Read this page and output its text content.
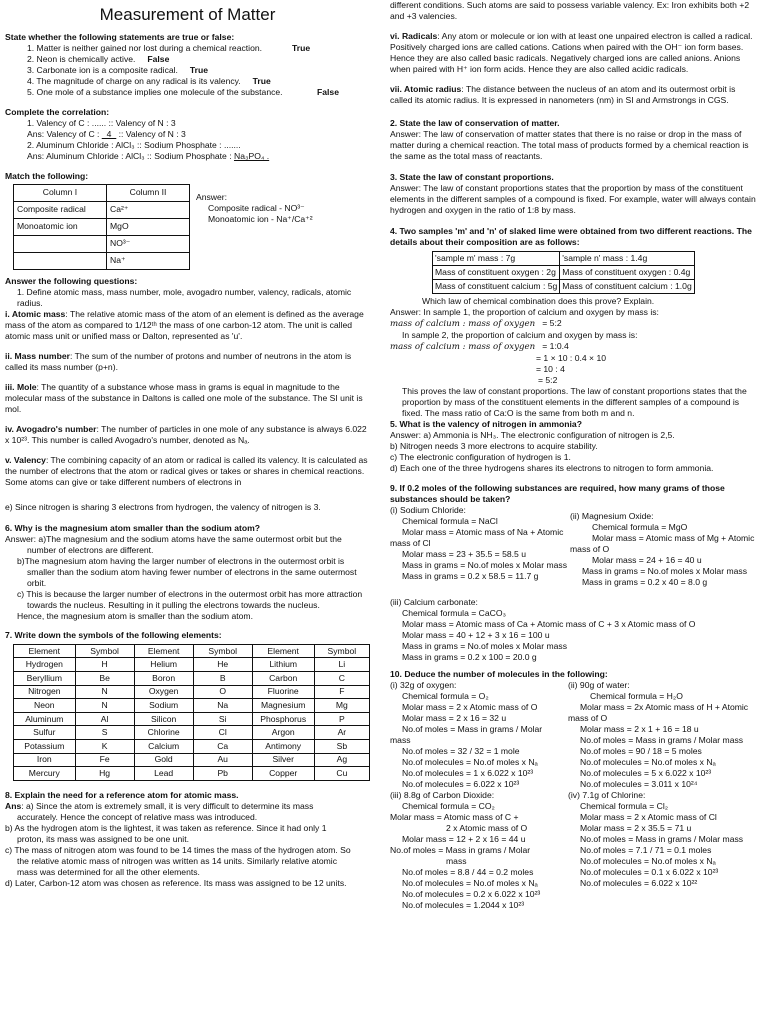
Measurement of Matter

State whether the following statements are true or false:

1. Matter is neither gained nor lost during a chemical reaction.	True
2. Neon is chemically active. False
3. Carbonate ion is a composite radical. True
4. The magnitude of charge on any radical is its valency. True
5. One mole of a substance implies one molecule of the substance.	False

Complete the correlation:

1. Valency of C : ...... :: Valency of N : 3

Ans: Valency of C : _4_ :: Valency of N : 3

2. Aluminum Chloride : AlCl₃ :: Sodium Phosphate : .......

Ans: Aluminum Chloride : AlCl₃ :: Sodium Phosphate : Na₃PO₄ .

Match the following:

Column I	Column II
Composite radical	Ca²⁺
Monoatomic ion	MgO
	NO³⁻
	Na⁺

Answer:

Composite radical - NO³⁻

Monoatomic ion - Na⁺/Ca⁺²

Answer the following questions:

1. Define atomic mass, mass number, mole, avogadro number, valency, radicals, atomic radius.

i. Atomic mass: The relative atomic mass of the atom of an element is defined as the average mass of the atom as compared to 1/12ᵗʰ the mass of one carbon-12 atom. The unit is called atomic mass unit or unified mass or Dalton, represented as 'u'.

ii. Mass number: The sum of the number of protons and number of neutrons in the atom is called its mass number (p+n).

iii. Mole: The quantity of a substance whose mass in grams is equal in magnitude to the molecular mass of the substance in Daltons is called one mole of the substance. The SI unit is mol.

iv. Avogadro's number: The number of particles in one mole of any substance is always 6.022 x 10²³. This number is called Avogadro's number, denoted as Nₐ.

v. Valency: The combining capacity of an atom or radical is called its valency. It is calculated as the number of electrons that the atom or radical gives or takes or shares in chemical reactions. Some atoms can give or take different numbers of electrons in

e) Since nitrogen is sharing 3 electrons from hydrogen, the valency of nitrogen is 3.

6. Why is the magnesium atom smaller than the sodium atom?

Answer: a)The magnesium and the sodium atoms have the same outermost orbit but the

number of electrons are different.

b)The magnesium atom having the larger number of electrons in the outermost orbit is smaller than the sodium atom having fewer number of electrons in the same outermost orbit.

c) This is because the larger number of electrons in the outermost orbit has more attraction towards the nucleus. Resulting in it pulling the electrons towards the nucleus.

Hence, the magnesium atom is smaller than the sodium atom.

7. Write down the symbols of the following elements:

Element	Symbol	Element	Symbol	Element	Symbol
Hydrogen	H	Helium	He	Lithium	Li
Beryllium	Be	Boron	B	Carbon	C
Nitrogen	N	Oxygen	O	Fluorine	F
Neon	N	Sodium	Na	Magnesium	Mg
Aluminum	Al	Silicon	Si	Phosphorus	P
Sulfur	S	Chlorine	Cl	Argon	Ar
Potassium	K	Calcium	Ca	Antimony	Sb
Iron	Fe	Gold	Au	Silver	Ag
Mercury	Hg	Lead	Pb	Copper	Cu

8. Explain the need for a reference atom for atomic mass.

Ans: a) Since the atom is extremely small, it is very difficult to determine its mass

accurately. Hence the concept of relative mass was introduced.

b) As the hydrogen atom is the lightest, it was taken as reference. Since it had only 1

proton, its mass was assigned to be one unit.

c) The mass of nitrogen atom was found to be 14 times the mass of the hydrogen atom. So

the relative atomic mass of nitrogen was written as 14 units. Similarly relative atomic

mass was determined for all the other elements.

d) Later, Carbon-12 atom was chosen as reference. Its mass was assigned to be 12 units.

different conditions. Such atoms are said to possess variable valency. Ex: Iron exhibits both +2 and +3 valencies.

vi. Radicals: Any atom or molecule or ion with at least one unpaired electron is called a radical. Positively charged ions are called cations. Cations when paired with the OH⁻ ion form bases. Hence they are also called basic radicals. Negatively charged ions are called anions. Anions when paired with H⁺ ion form acids. Hence they are also called acidic radicals.

vii. Atomic radius: The distance between the nucleus of an atom and its outermost orbit is called its atomic radius. It is expressed in nanometers (nm) in SI and Armstrongs in CGS.

2. State the law of conservation of matter.

Answer: The law of conservation of matter states that there is no raise or drop in the mass of matter during a chemical reaction. The total mass of products formed by a chemical reaction is the same as the total mass of reactants.

3. State the law of constant proportions.

Answer: The law of constant proportions states that the proportion by mass of the constituent elements in the different samples of a compound is fixed. For example, water will always contain hydrogen and oxygen in the ratio of 1:8 by mass.

4. Two samples 'm' and 'n' of slaked lime were obtained from two different reactions. The details about their composition are as follows:

'sample m' mass : 7g	'sample n' mass : 1.4g
Mass of constituent oxygen : 2g	Mass of constituent oxygen : 0.4g
Mass of constituent calcium : 5g	Mass of constituent calcium : 1.0g

Which law of chemical combination does this prove? Explain.

Answer: In sample 1, the proportion of calcium and oxygen by mass is:

mass of calcium : mass of oxygen = 5:2

In sample 2, the proportion of calcium and oxygen by mass is:

mass of calcium : mass of oxygen = 1:0.4

= 1 × 10 : 0.4 × 10

= 10 : 4

= 5:2

This proves the law of constant proportions. The law of constant proportions states that the proportion by mass of the constituent elements in the different samples of a compound is fixed. The mass ratio of Ca:O is the same from both m and n.

5. What is the valency of nitrogen in ammonia?

Answer: a) Ammonia is NH₃. The electronic configuration of nitrogen is 2,5.

b) Nitrogen needs 3 more electrons to acquire stability.

c) The electronic configuration of hydrogen is 1.

d) Each one of the three hydrogens shares its electrons to nitrogen to form ammonia.

9. If 0.2 moles of the following substances are required, how many grams of those substances should be taken?

(i) Sodium Chloride:

Chemical formula = NaCl

Molar mass = Atomic mass of Na + Atomic

mass of Cl

Molar mass = 23 + 35.5 = 58.5 u

Mass in grams = No.of moles x Molar mass

Mass in grams = 0.2 x 58.5 = 11.7 g

(ii) Magnesium Oxide:

Chemical formula = MgO

Molar mass = Atomic mass of Mg + Atomic

mass of O

Molar mass = 24 + 16 = 40 u

Mass in grams = No.of moles x Molar mass

Mass in grams = 0.2 x 40 = 8.0 g

(iii) Calcium carbonate:

Chemical formula = CaCO₃

Molar mass = Atomic mass of Ca + Atomic mass of C + 3 x Atomic mass of O

Molar mass = 40 + 12 + 3 x 16 = 100 u

Mass in grams = No.of moles x Molar mass

Mass in grams = 0.2 x 100 = 20.0 g

10. Deduce the number of molecules in the following:

(i) 32g of oxygen:

Chemical formula = O₂

Molar mass = 2 x Atomic mass of O

Molar mass = 2 x 16 = 32 u

No.of moles = Mass in grams / Molar

mass

No.of moles = 32 / 32 = 1 mole

No.of molecules = No.of moles x Nₐ

No.of molecules = 1 x 6.022 x 10²³

No.of molecules = 6.022 x 10²³

(ii) 90g of water:

Chemical formula = H₂O

Molar mass = 2x Atomic mass of H + Atomic

mass of O

Molar mass = 2 x 1 + 16 = 18 u

No.of moles = Mass in grams / Molar mass

No.of moles = 90 / 18 = 5 moles

No.of molecules = No.of moles x Nₐ

No.of molecules = 5 x 6.022 x 10²³

No.of molecules = 3.011 x 10²⁴

(iii) 8.8g of Carbon Dioxide:

Chemical formula = CO₂

Molar mass = Atomic mass of C +

2 x Atomic mass of O

Molar mass = 12 + 2 x 16 = 44 u

No.of moles = Mass in grams / Molar

mass

No.of moles = 8.8 / 44 = 0.2 moles

No.of molecules = No.of moles x Nₐ

No.of molecules = 0.2 x 6.022 x 10²³

No.of molecules = 1.2044 x 10²³

(iv) 7.1g of Chlorine:

Chemical formula = Cl₂

Molar mass = 2 x Atomic mass of Cl

Molar mass = 2 x 35.5 = 71 u

No.of moles = Mass in grams / Molar mass

No.of moles = 7.1 / 71 = 0.1 moles

No.of molecules = No.of moles x Nₐ

No.of molecules = 0.1 x 6.022 x 10²³

No.of molecules = 6.022 x 10²²
